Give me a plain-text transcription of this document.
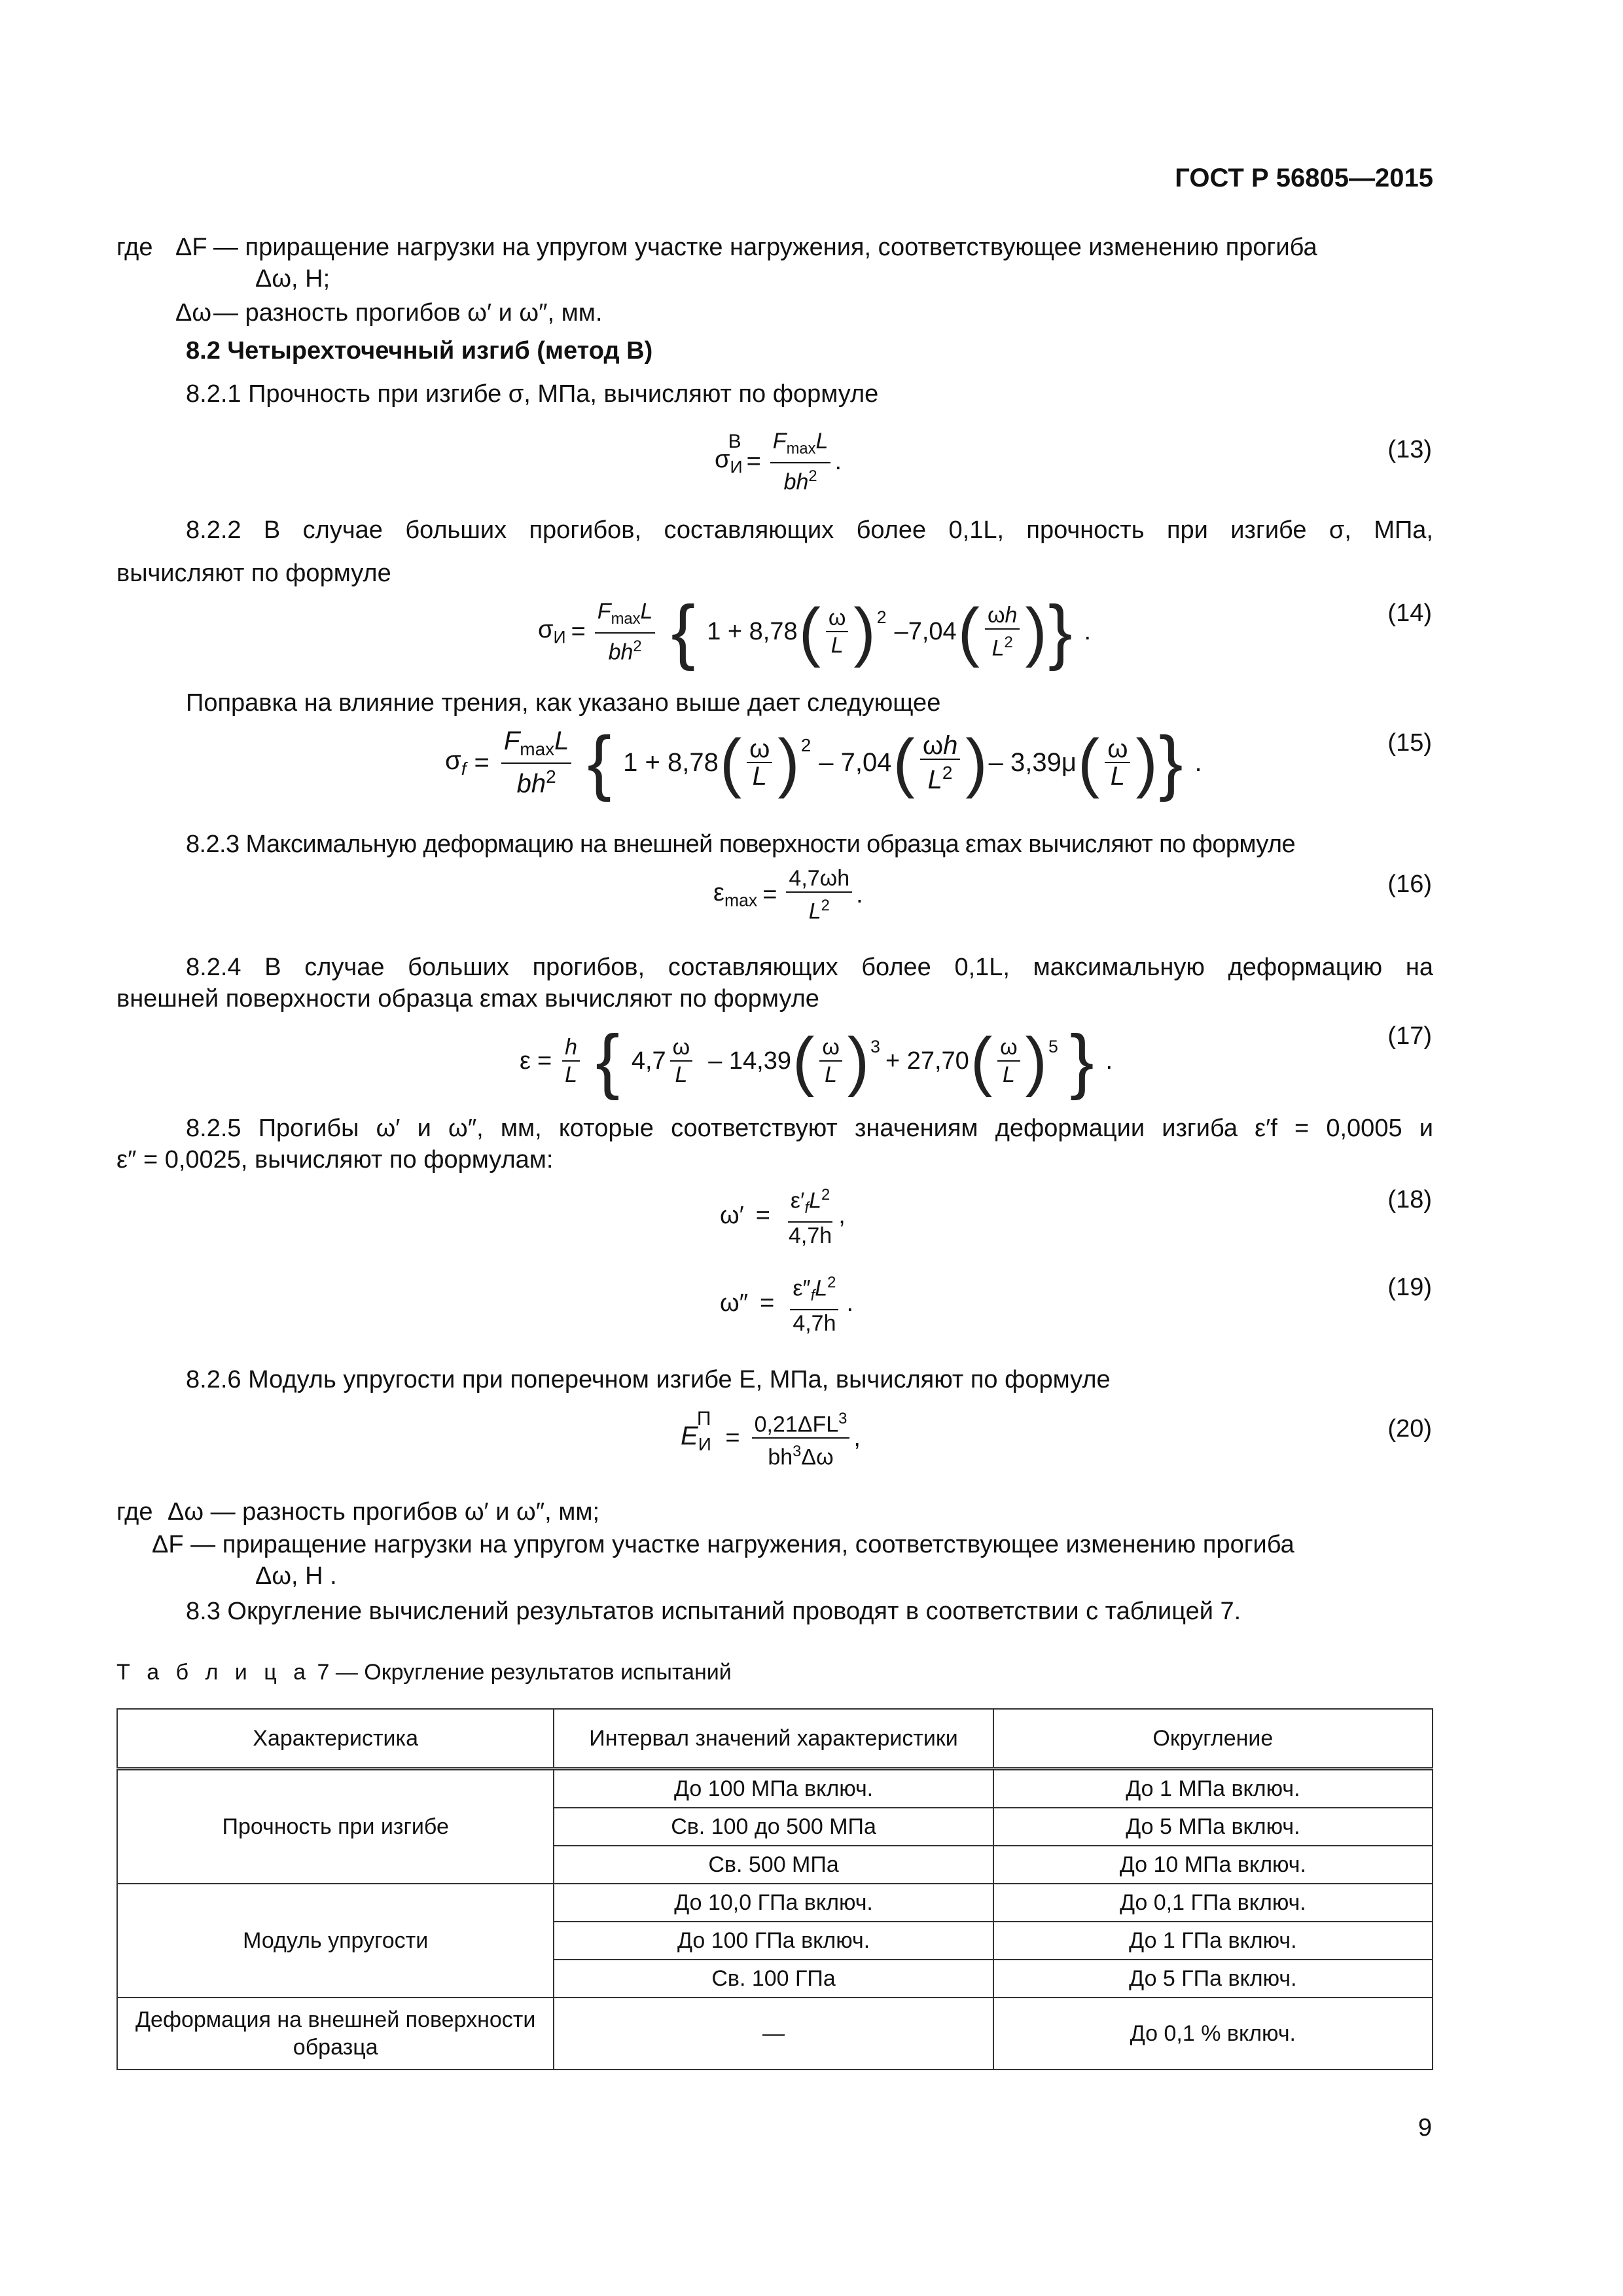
ГОСТ Р 56805—2015
где ΔF — приращение нагрузки на упругом участке нагружения, соответствующее изменению прогиба
Δω, Н;
Δω — разность прогибов ω′ и ω″, мм.
8.2 Четырехточечный изгиб (метод B)
8.2.1 Прочность при изгибе σ, МПа, вычисляют по формуле
$\sigma_И^B$
= $\frac{F_{max}L}{bh^2}$ .	(13)
8.2.2 В случае больших прогибов, составляющих более 0,1L, прочность при изгибе σ, МПа,
вычисляют по формуле
$\sigma_И = \frac{F_{max}L}{bh^2}$ { 1 + 8,78 ( $\frac{\omega}{L} )^2$
–7,04 ( $\frac{\omega h}{L^2}$ ) } .
(14)
Поправка на влияние трения, как указано выше дает следующее
$\sigma_f = \frac{F_{max}L}{bh^2}$ { 1 + 8,78 ( $\frac{\omega}{L} )^2$
– 7,04 ( $\frac{\omega h}{L^2}$ ) – 3,39μ ( $\frac{\omega}{L}$ ) } .
(15)
8.2.3 Максимальную деформацию на внешней поверхности образца εmax вычисляют по формуле
$\varepsilon_{max} = \frac{4,7\omega h}{L^2}$ .	(16)
8.2.4 В случае больших прогибов, составляющих более 0,1L, максимальную деформацию на
внешней поверхности образца εmax вычисляют по формуле
$\varepsilon = \frac{h}{L}$ { $4,7 \frac{\omega}{L} - 14,39$ ( $\frac{\omega}{L} )^3$
+ 27,70 ( $\frac{\omega}{L} )^5$ } .
(17)
8.2.5 Прогибы ω′ и ω″, мм, которые соответствуют значениям деформации изгиба ε′f = 0,0005 и
ε″ = 0,0025, вычисляют по формулам:
$\omega' = \frac{\varepsilon'_fL^2}{4,7h}$ ,
(18)
$\omega'' = \frac{\varepsilon''_fL^2}{4,7h}$ .
(19)
8.2.6 Модуль упругости при поперечном изгибе E, МПа, вычисляют по формуле
$E_И^П$
= $\frac{0,21\Delta FL^3}{bh^3\Delta\omega}$ ,	(20)
где Δω — разность прогибов ω′ и ω″, мм;
ΔF — приращение нагрузки на упругом участке нагружения, соответствующее изменению прогиба
Δω, Н .
8.3 Округление вычислений результатов испытаний проводят в соответствии с таблицей 7.
Т а б л и ц а 7 — Округление результатов испытаний
Характеристика	Интервал значений характеристики	Округление
Прочность при изгибе	До 100 МПа включ.	До 1 МПа включ.
	Св. 100 до 500 МПа	До 5 МПа включ.
	Св. 500 МПа	До 10 МПа включ.
Модуль упругости	До 10,0 ГПа включ.	До 0,1 ГПа включ.
	До 100 ГПа включ.	До 1 ГПа включ.
	Св. 100 ГПа	До 5 ГПа включ.
Деформация на внешней поверхности образца	—	До 0,1 % включ.
9
